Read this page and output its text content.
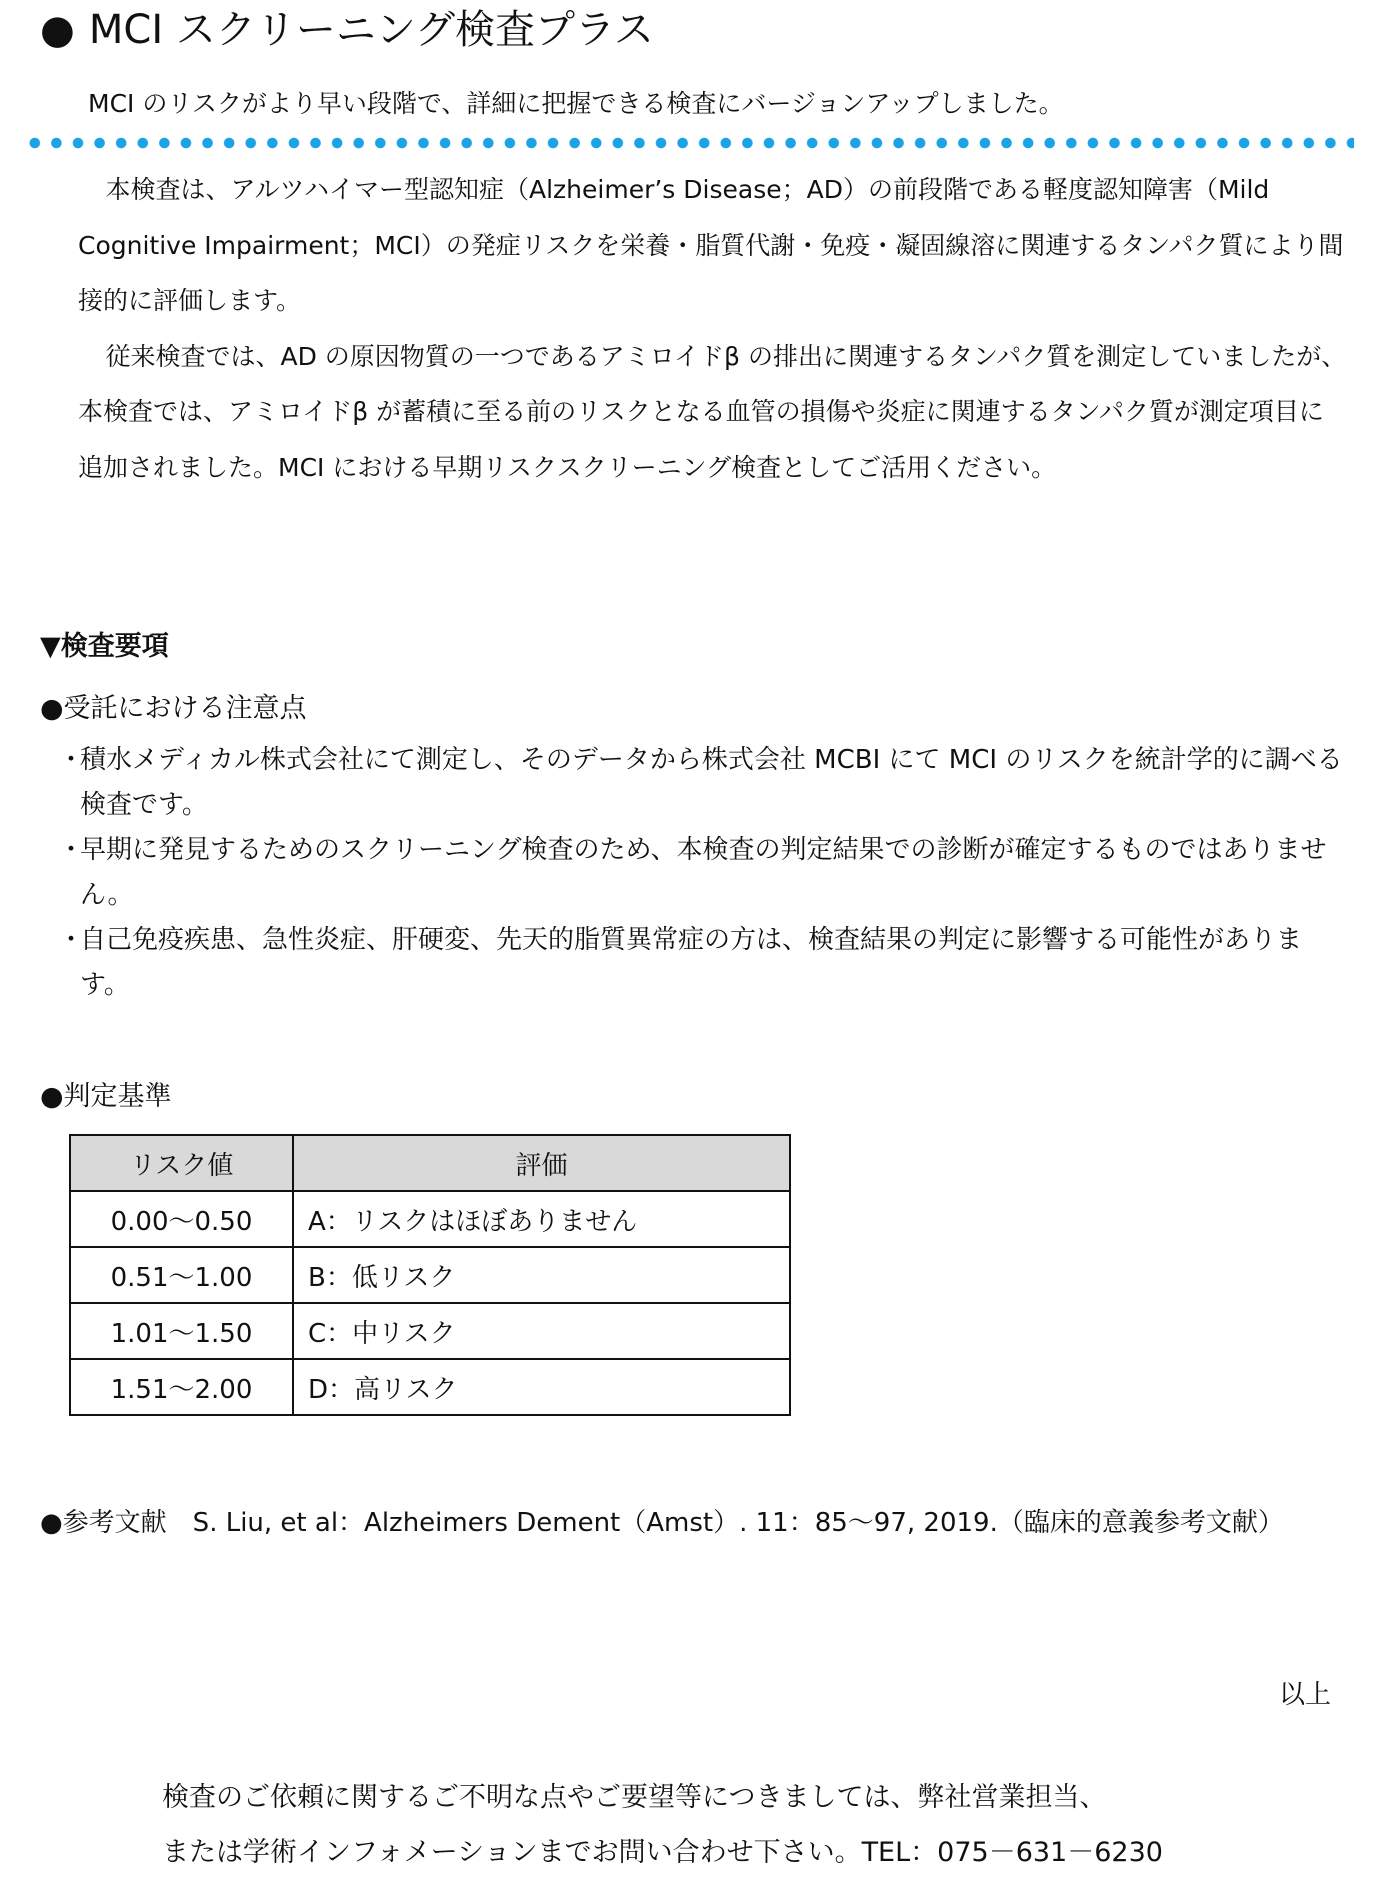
● MCI スクリーニング検査プラス
MCI のリスクがより早い段階で、詳細に把握できる検査にバージョンアップしました。

本検査は、アルツハイマー型認知症（Alzheimer’s Disease；AD）の前段階である軽度認知障害（Mild Cognitive Impairment；MCI）の発症リスクを栄養・脂質代謝・免疫・凝固線溶に関連するタンパク質により間接的に評価します。

従来検査では、AD の原因物質の一つであるアミロイドβ の排出に関連するタンパク質を測定していましたが、本検査では、アミロイドβ が蓄積に至る前のリスクとなる血管の損傷や炎症に関連するタンパク質が測定項目に追加されました。MCI における早期リスクスクリーニング検査としてご活用ください。

▼検査要項
●受託における注意点
・
積水メディカル株式会社にて測定し、そのデータから株式会社 MCBI にて MCI のリスクを統計学的に調べる検査です。
・
早期に発見するためのスクリーニング検査のため、本検査の判定結果での診断が確定するものではありません。
・
自己免疫疾患、急性炎症、肝硬変、先天的脂質異常症の方は、検査結果の判定に影響する可能性があります。
●判定基準
リスク値	評価
0.00～0.50	A：リスクはほぼありません
0.51～1.00	B：低リスク
1.01～1.50	C：中リスク
1.51～2.00	D：高リスク
●参考文献　S. Liu, et al：Alzheimers Dement（Amst）. 11：85～97, 2019.（臨床的意義参考文献）
以上
検査のご依頼に関するご不明な点やご要望等につきましては、弊社営業担当、
または学術インフォメーションまでお問い合わせ下さい。TEL：075－631－6230
